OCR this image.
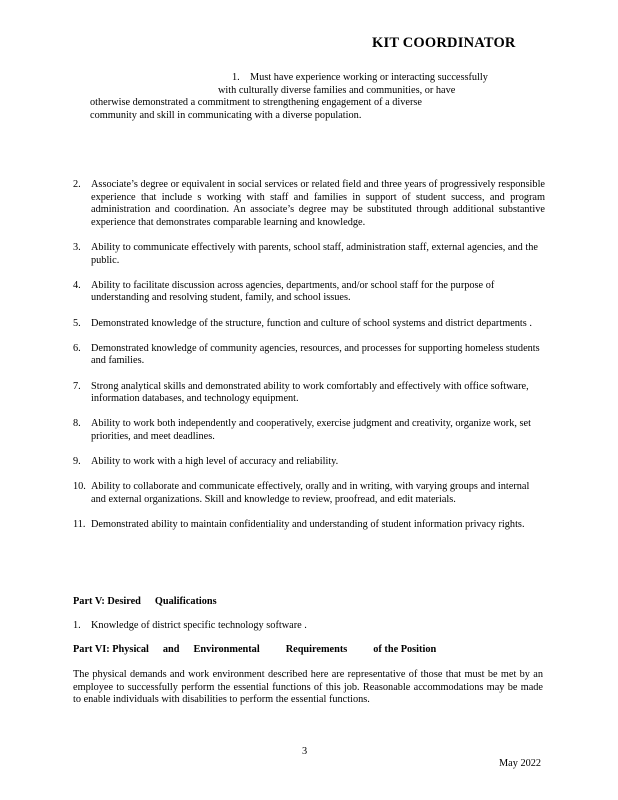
KIT COORDINATOR
1. Must have experience working or interacting successfully
with culturally diverse families and communities, or have
otherwise demonstrated a commitment to strengthening engagement of a diverse
community and skill in communicating with a diverse population.
2. Associate’s degree or equivalent in social services or related field and three years of progressively responsible experience that include s working with staff and families in support of student success, and program administration and coordination. An associate’s degree may be substituted through additional substantive experience that demonstrates comparable learning and knowledge.
3. Ability to communicate effectively with parents, school staff, administration staff, external agencies, and the public.
4. Ability to facilitate discussion across agencies, departments, and/or school staff for the purpose of understanding and resolving student, family, and school issues.
5. Demonstrated knowledge of the structure, function and culture of school systems and district departments .
6. Demonstrated knowledge of community agencies, resources, and processes for supporting homeless students and families.
7. Strong analytical skills and demonstrated ability to work comfortably and effectively with office software, information databases, and technology equipment.
8. Ability to work both independently and cooperatively, exercise judgment and creativity, organize work, set priorities, and meet deadlines.
9. Ability to work with a high level of accuracy and reliability.
10. Ability to collaborate and communicate effectively, orally and in writing, with varying groups and internal and external organizations. Skill and knowledge to review, proofread, and edit materials.
11. Demonstrated ability to maintain confidentiality and understanding of student information privacy rights.
Part V: Desired Qualifications
1. Knowledge of district specific technology software .
Part VI: Physical and Environmental	Requirements	of the Position

The physical demands and work environment described here are representative of those that must be met by an employee to successfully perform the essential functions of this job. Reasonable accommodations may be made to enable individuals with disabilities to perform the essential functions.

3
May 2022
